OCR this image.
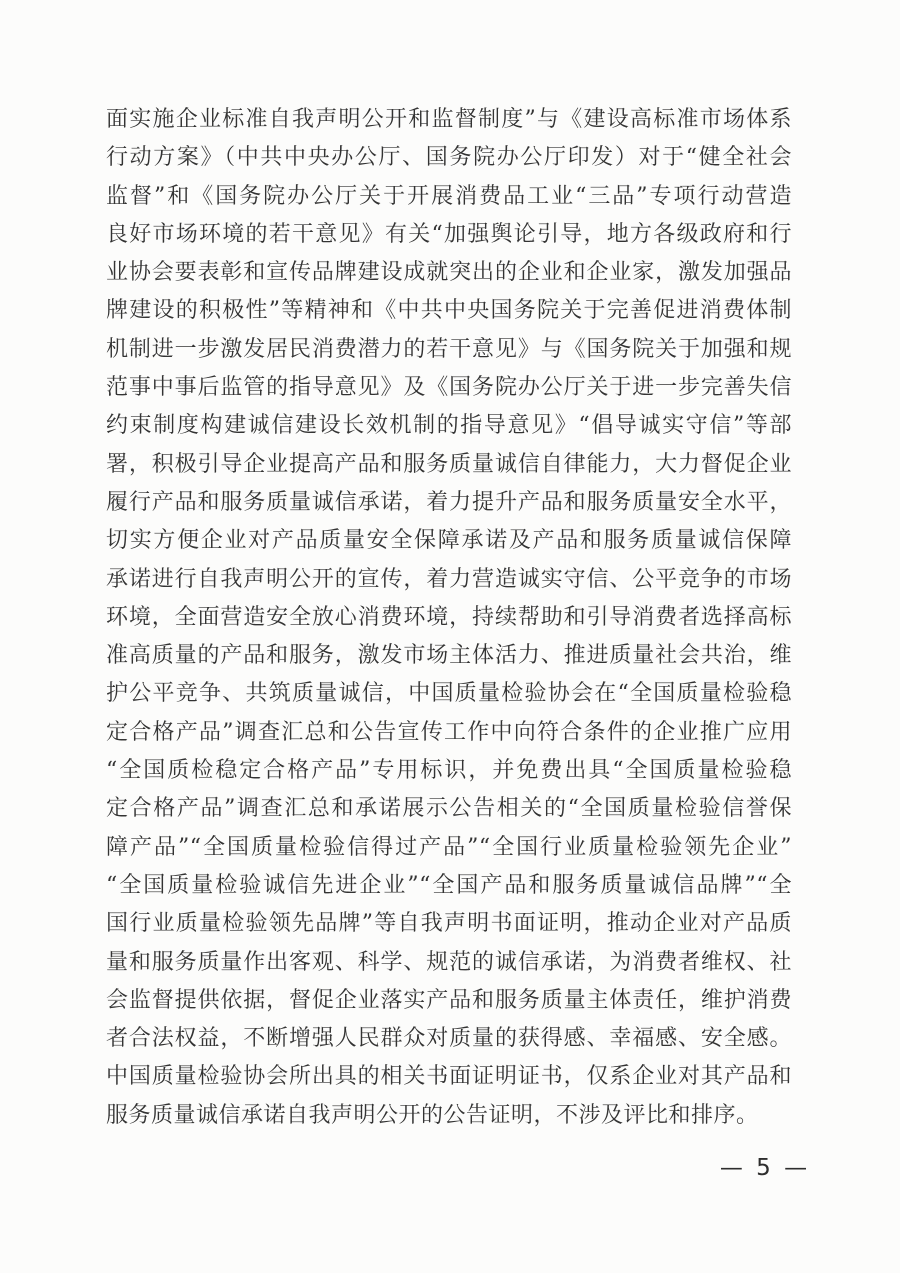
面实施企业标准自我声明公开和监督制度”与《建设高标准市场体系
行动方案》（中共中央办公厅、国务院办公厅印发）对于“健全社会
监督”和《国务院办公厅关于开展消费品工业“三品”专项行动营造
良好市场环境的若干意见》有关“加强舆论引导，地方各级政府和行
业协会要表彰和宣传品牌建设成就突出的企业和企业家，激发加强品
牌建设的积极性”等精神和《中共中央国务院关于完善促进消费体制
机制进一步激发居民消费潜力的若干意见》与《国务院关于加强和规
范事中事后监管的指导意见》及《国务院办公厅关于进一步完善失信
约束制度构建诚信建设长效机制的指导意见》“倡导诚实守信”等部
署，积极引导企业提高产品和服务质量诚信自律能力，大力督促企业
履行产品和服务质量诚信承诺，着力提升产品和服务质量安全水平，
切实方便企业对产品质量安全保障承诺及产品和服务质量诚信保障
承诺进行自我声明公开的宣传，着力营造诚实守信、公平竞争的市场
环境，全面营造安全放心消费环境，持续帮助和引导消费者选择高标
准高质量的产品和服务，激发市场主体活力、推进质量社会共治，维
护公平竞争、共筑质量诚信，中国质量检验协会在“全国质量检验稳
定合格产品”调查汇总和公告宣传工作中向符合条件的企业推广应用
“全国质检稳定合格产品”专用标识，并免费出具“全国质量检验稳
定合格产品”调查汇总和承诺展示公告相关的“全国质量检验信誉保
障产品”“全国质量检验信得过产品”“全国行业质量检验领先企业”
“全国质量检验诚信先进企业”“全国产品和服务质量诚信品牌”“全
国行业质量检验领先品牌”等自我声明书面证明，推动企业对产品质
量和服务质量作出客观、科学、规范的诚信承诺，为消费者维权、社
会监督提供依据，督促企业落实产品和服务质量主体责任，维护消费
者合法权益，不断增强人民群众对质量的获得感、幸福感、安全感。
中国质量检验协会所出具的相关书面证明证书，仅系企业对其产品和
服务质量诚信承诺自我声明公开的公告证明，不涉及评比和排序。
— 5 —
